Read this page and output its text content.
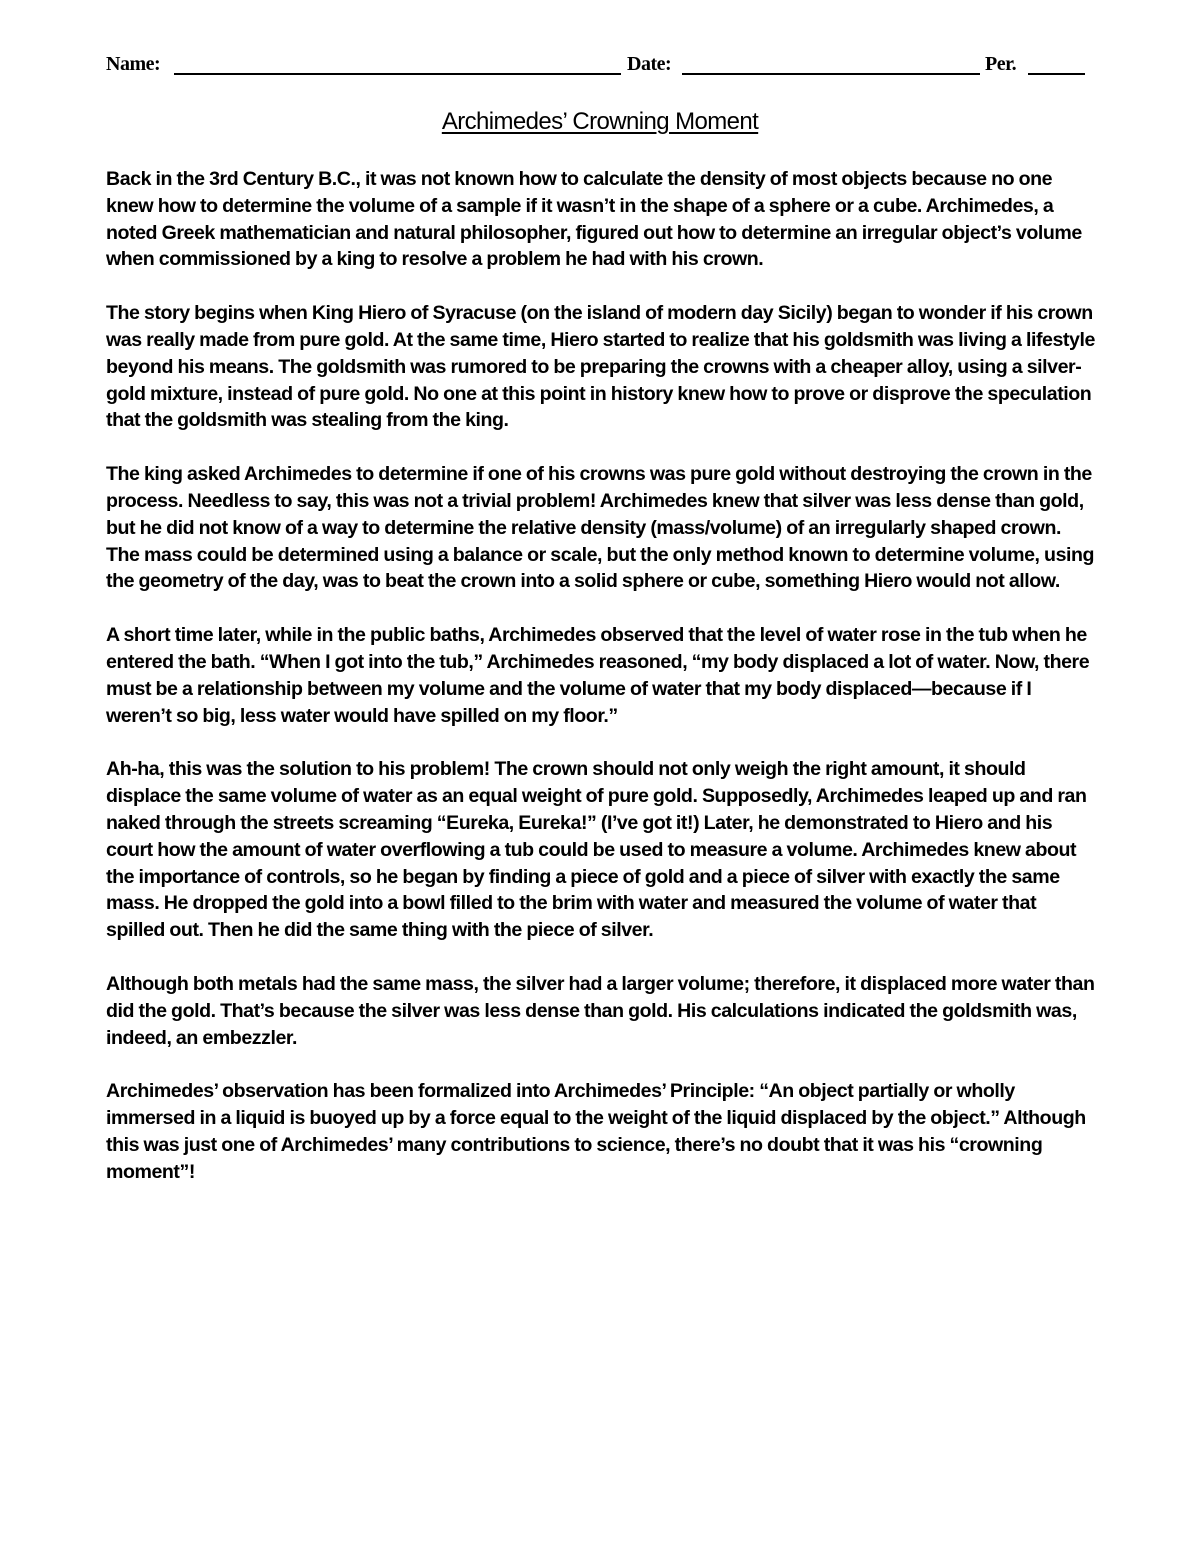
Name:	Date:	Per.
Archimedes’ Crowning Moment

Back in the 3rd Century B.C., it was not known how to calculate the density of most objects because no one knew how to determine the volume of a sample if it wasn’t in the shape of a sphere or a cube. Archimedes, a noted Greek mathematician and natural philosopher, figured out how to determine an irregular object’s volume when commissioned by a king to resolve a problem he had with his crown.

The story begins when King Hiero of Syracuse (on the island of modern day Sicily) began to wonder if his crown was really made from pure gold. At the same time, Hiero started to realize that his goldsmith was living a lifestyle beyond his means. The goldsmith was rumored to be preparing the crowns with a cheaper alloy, using a silver-gold mixture, instead of pure gold. No one at this point in history knew how to prove or disprove the speculation that the goldsmith was stealing from the king.

The king asked Archimedes to determine if one of his crowns was pure gold without destroying the crown in the process. Needless to say, this was not a trivial problem! Archimedes knew that silver was less dense than gold, but he did not know of a way to determine the relative density (mass/volume) of an irregularly shaped crown. The mass could be determined using a balance or scale, but the only method known to determine volume, using the geometry of the day, was to beat the crown into a solid sphere or cube, something Hiero would not allow.

A short time later, while in the public baths, Archimedes observed that the level of water rose in the tub when he entered the bath. “When I got into the tub,” Archimedes reasoned, “my body displaced a lot of water. Now, there must be a relationship between my volume and the volume of water that my body displaced—because if I weren’t so big, less water would have spilled on my floor.”

Ah-ha, this was the solution to his problem! The crown should not only weigh the right amount, it should displace the same volume of water as an equal weight of pure gold. Supposedly, Archimedes leaped up and ran naked through the streets screaming “Eureka, Eureka!” (I’ve got it!) Later, he demonstrated to Hiero and his court how the amount of water overflowing a tub could be used to measure a volume. Archimedes knew about the importance of controls, so he began by finding a piece of gold and a piece of silver with exactly the same mass. He dropped the gold into a bowl filled to the brim with water and measured the volume of water that spilled out. Then he did the same thing with the piece of silver.

Although both metals had the same mass, the silver had a larger volume; therefore, it displaced more water than did the gold. That’s because the silver was less dense than gold. His calculations indicated the goldsmith was, indeed, an embezzler.

Archimedes’ observation has been formalized into Archimedes’ Principle: “An object partially or wholly immersed in a liquid is buoyed up by a force equal to the weight of the liquid displaced by the object.” Although this was just one of Archimedes’ many contributions to science, there’s no doubt that it was his “crowning moment”!
